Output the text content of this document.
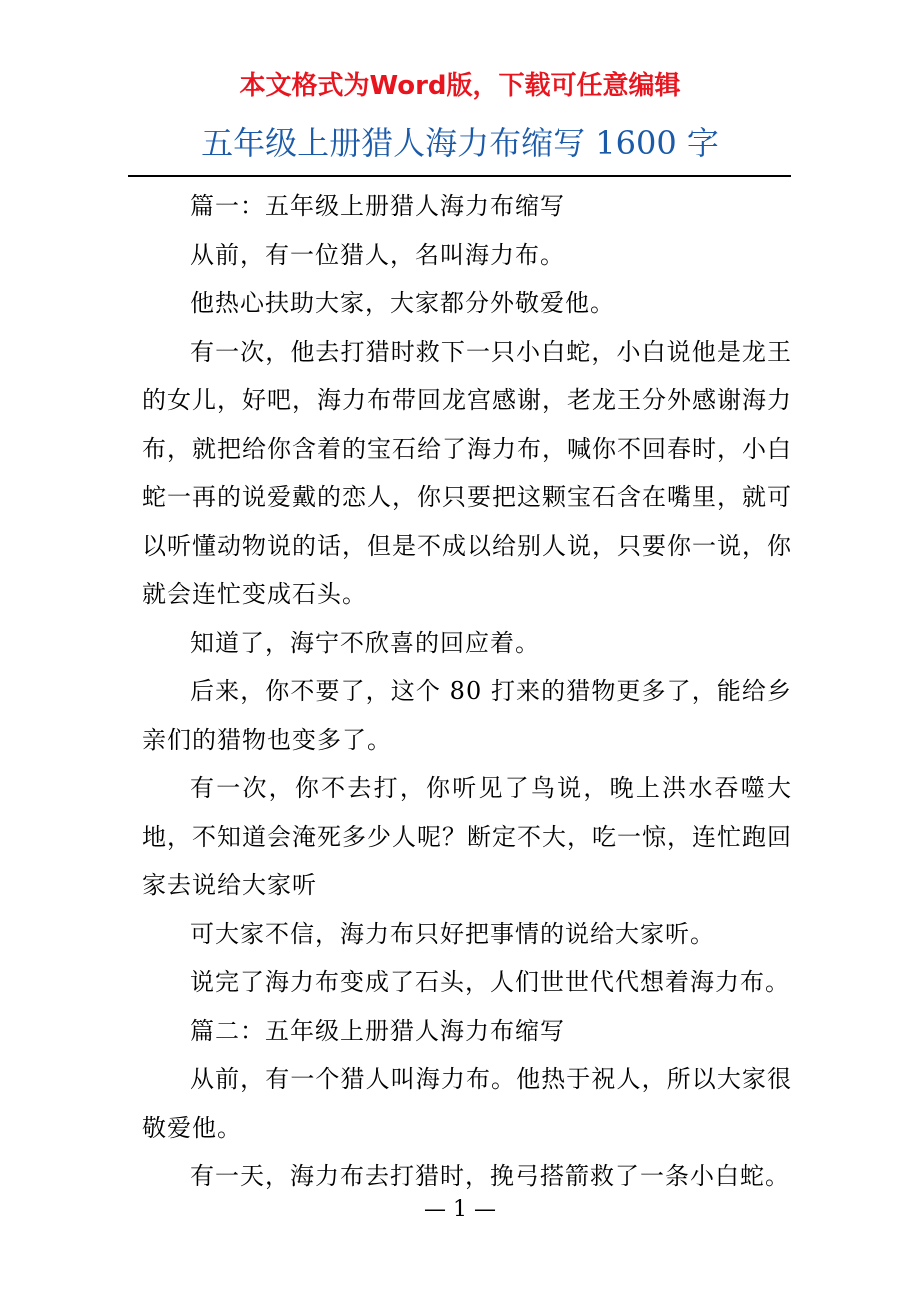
本文格式为Word版，下载可任意编辑
五年级上册猎人海力布缩写 1600 字

篇一：五年级上册猎人海力布缩写

从前，有一位猎人，名叫海力布。

他热心扶助大家，大家都分外敬爱他。

有一次，他去打猎时救下一只小白蛇，小白说他是龙王的女儿，好吧，海力布带回龙宫感谢，老龙王分外感谢海力布，就把给你含着的宝石给了海力布，喊你不回春时，小白蛇一再的说爱戴的恋人，你只要把这颗宝石含在嘴里，就可以听懂动物说的话，但是不成以给别人说，只要你一说，你就会连忙变成石头。

知道了，海宁不欣喜的回应着。

后来，你不要了，这个 80 打来的猎物更多了，能给乡亲们的猎物也变多了。

有一次，你不去打，你听见了鸟说，晚上洪水吞噬大地，不知道会淹死多少人呢？断定不大，吃一惊，连忙跑回家去说给大家听

可大家不信，海力布只好把事情的说给大家听。

说完了海力布变成了石头，人们世世代代想着海力布。

篇二：五年级上册猎人海力布缩写

从前，有一个猎人叫海力布。他热于祝人，所以大家很敬爱他。

有一天，海力布去打猎时，挽弓搭箭救了一条小白蛇。

— 1 —
